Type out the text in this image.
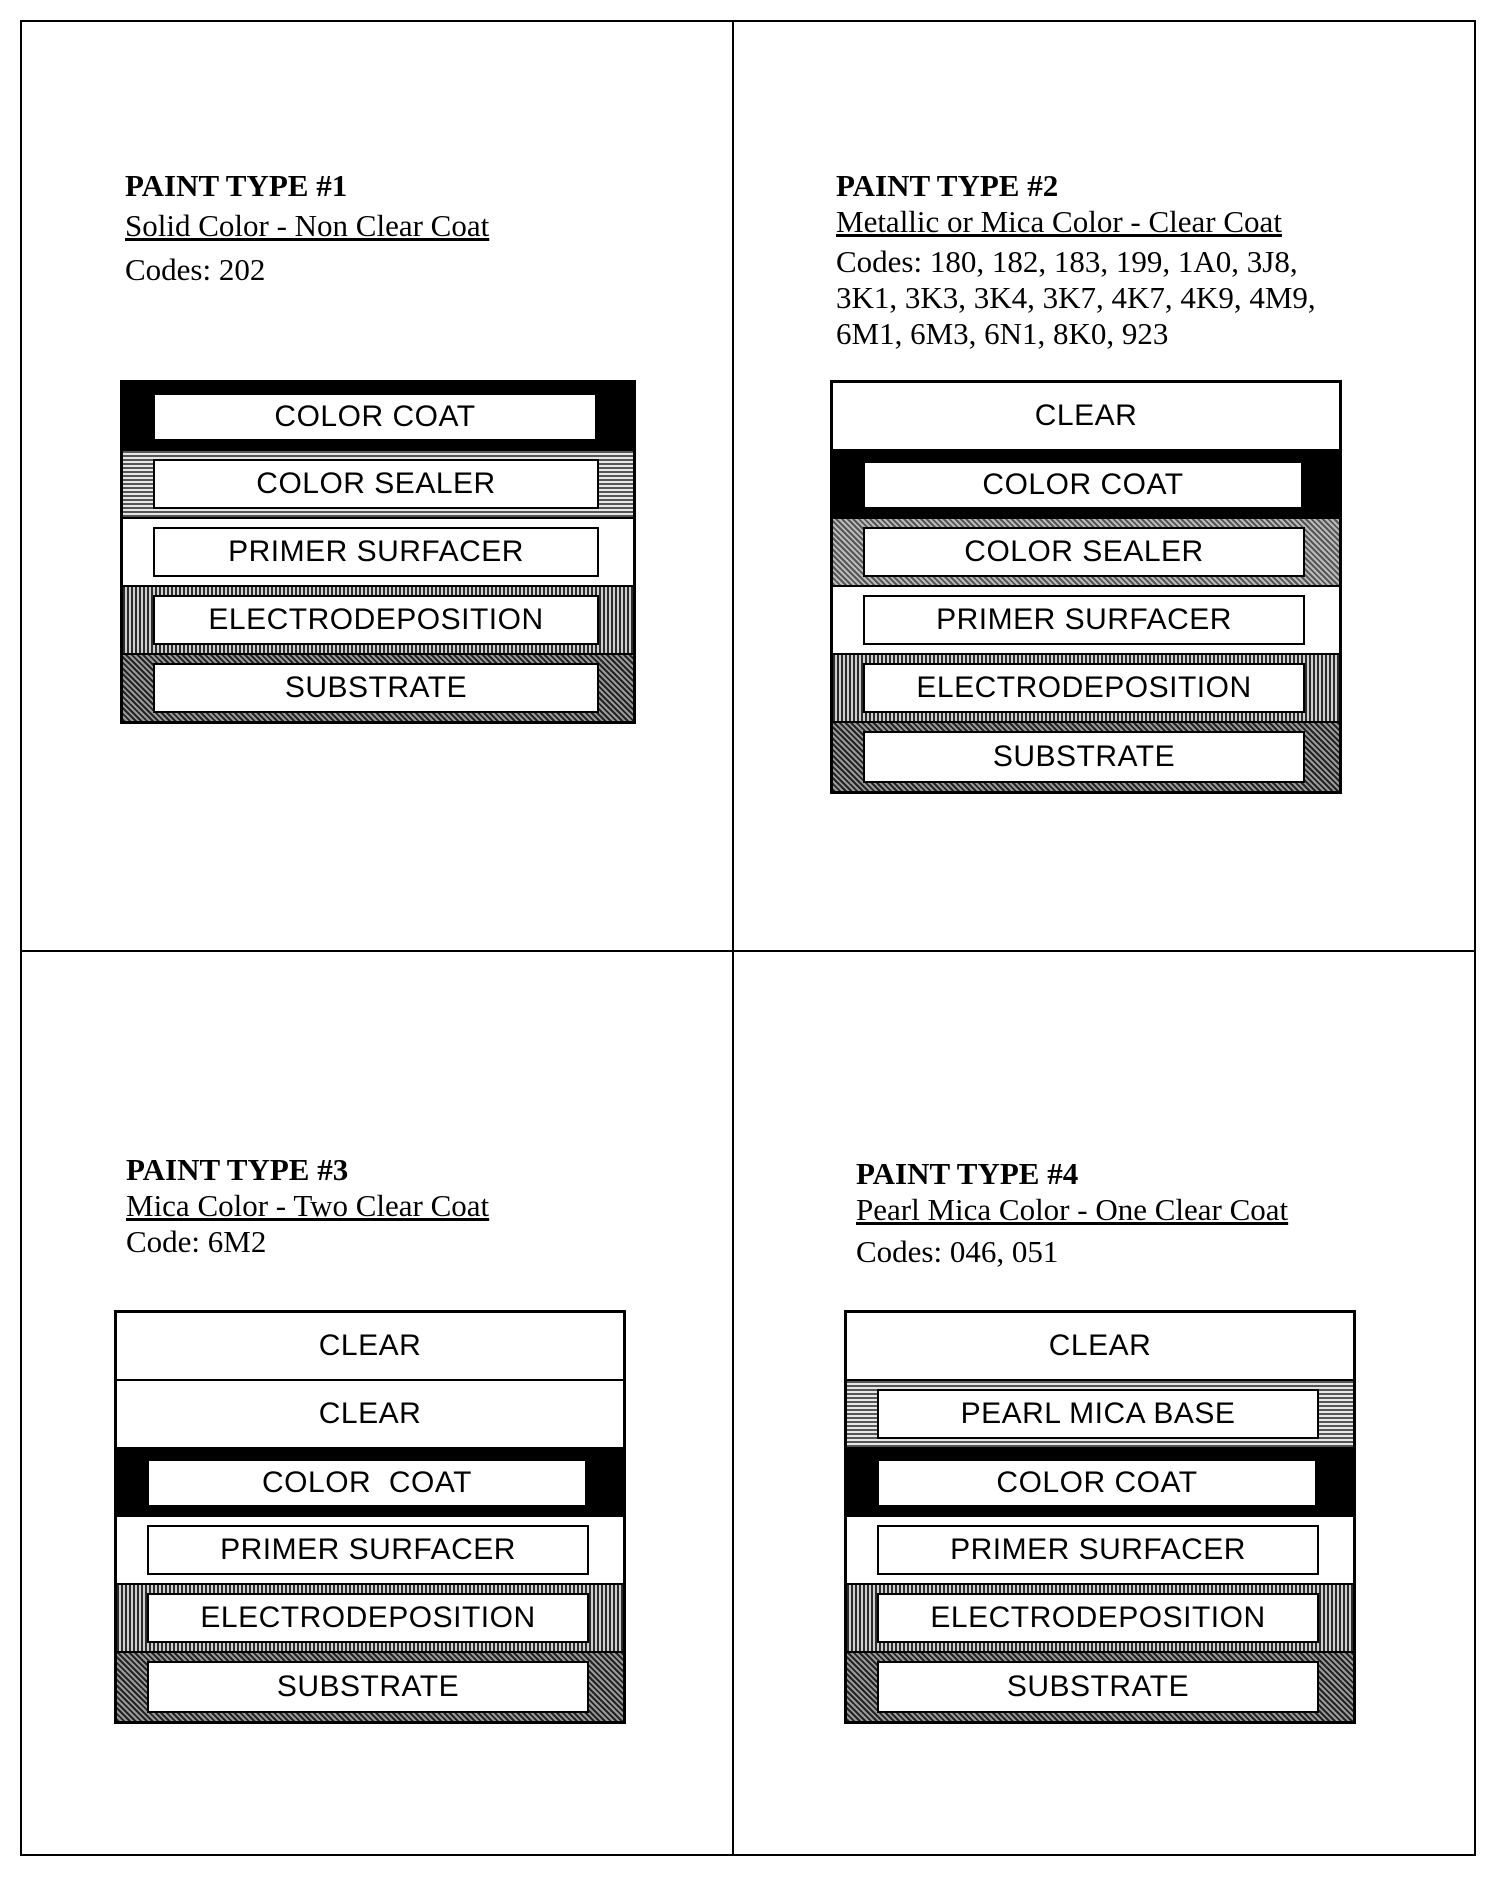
PAINT TYPE #1
Solid Color - Non Clear Coat
Codes: 202
COLOR COAT
COLOR SEALER
PRIMER SURFACER
ELECTRODEPOSITION
SUBSTRATE
PAINT TYPE #2
Metallic or Mica Color - Clear Coat
Codes: 180, 182, 183, 199, 1A0, 3J8,
3K1, 3K3, 3K4, 3K7, 4K7, 4K9, 4M9,
6M1, 6M3, 6N1, 8K0, 923
CLEAR
COLOR COAT
COLOR SEALER
PRIMER SURFACER
ELECTRODEPOSITION
SUBSTRATE
PAINT TYPE #3
Mica Color - Two Clear Coat
Code: 6M2
CLEAR
CLEAR
COLOR  COAT
PRIMER SURFACER
ELECTRODEPOSITION
SUBSTRATE
PAINT TYPE #4
Pearl Mica Color - One Clear Coat
Codes: 046, 051
CLEAR
PEARL MICA BASE
COLOR COAT
PRIMER SURFACER
ELECTRODEPOSITION
SUBSTRATE
